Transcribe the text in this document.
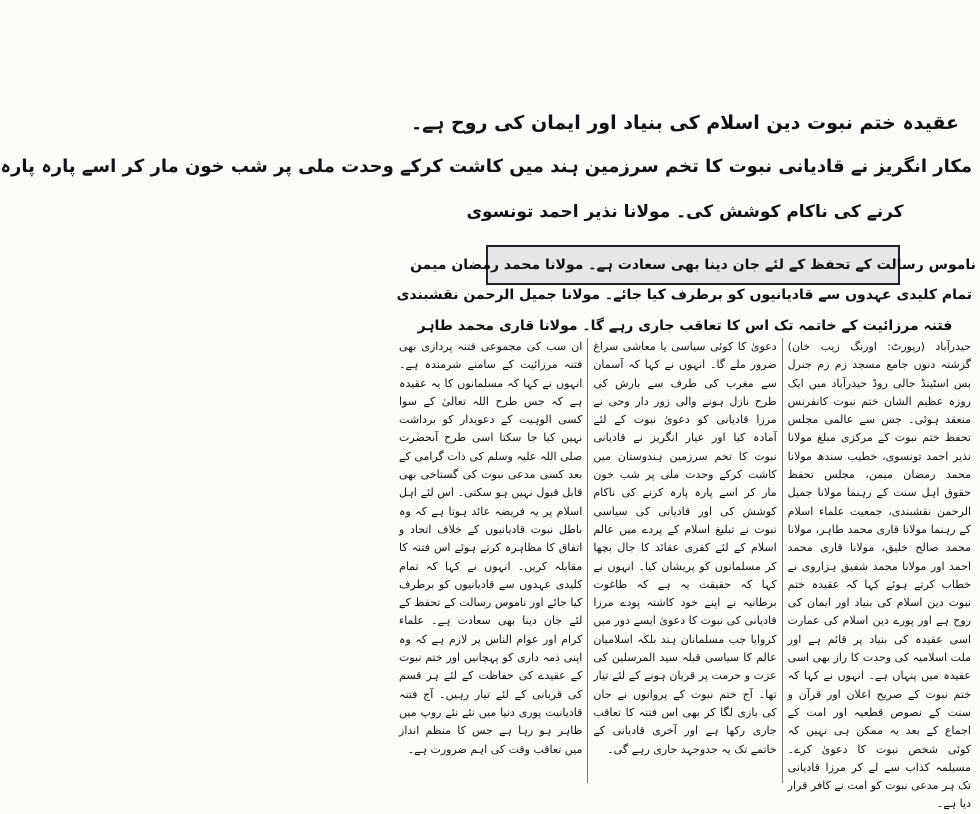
عقیدہ ختم نبوت دین اسلام کی بنیاد اور ایمان کی روح ہے۔
مکار انگریز نے قادیانی نبوت کا تخم سرزمین ہند میں کاشت کرکے وحدت ملی پر شب خون مار کر اسے پارہ پارہ
کرنے کی ناکام کوشش کی۔ مولانا نذیر احمد تونسوی
ناموس رسالت کے تحفظ کے لئے جان دینا بھی سعادت ہے۔ مولانا محمد رمضان میمن
تمام کلیدی عہدوں سے قادیانیوں کو برطرف کیا جائے۔ مولانا جمیل الرحمن نقشبندی
فتنہ مرزائیت کے خاتمہ تک اس کا تعاقب جاری رہے گا۔ مولانا قاری محمد طاہر

حیدرآباد (رپورٹ: اورنگ زیب خان) گزشتہ دنوں جامع مسجد زم زم جنرل بس اسٹینڈ حالی روڈ حیدرآباد میں ایک روزہ عظیم الشان ختم نبوت کانفرنس منعقد ہوئی۔ جس سے عالمی مجلس تحفظ ختم نبوت کے مرکزی مبلغ مولانا نذیر احمد تونسوی، خطیب سندھ مولانا محمد رمضان میمن، مجلس تحفظ حقوق اہل سنت کے رہنما مولانا جمیل الرحمن نقشبندی، جمعیت علماء اسلام کے رہنما مولانا قاری محمد طاہر، مولانا محمد صالح خلیق، مولانا قاری محمد احمد اور مولانا محمد شفیق ہزاروی نے خطاب کرتے ہوئے کہا کہ عقیدہ ختم نبوت دین اسلام کی بنیاد اور ایمان کی روح ہے اور پورے دین اسلام کی عمارت اسی عقیدہ کی بنیاد پر قائم ہے اور ملت اسلامیہ کی وحدت کا راز بھی اسی عقیدہ میں پنہاں ہے۔ انہوں نے کہا کہ ختم نبوت کے صریح اعلان اور قرآن و سنت کے نصوص قطعیہ اور امت کے اجماع کے بعد یہ ممکن ہی نہیں کہ کوئی شخص نبوت کا دعویٰ کرے۔ مسیلمہ کذاب سے لے کر مرزا قادیانی تک ہر مدعی نبوت کو امت نے کافر قرار دیا ہے۔

دعویٰ کا کوئی سیاسی یا معاشی سراغ ضرور ملے گا۔ انہوں نے کہا کہ آسمان سے مغرب کی طرف سے بارش کی طرح نازل ہونے والی زور دار وحی نے مرزا قادیانی کو دعویٰ نبوت کے لئے آمادہ کیا اور عیار انگریز نے قادیانی نبوت کا تخم سرزمین ہندوستان میں کاشت کرکے وحدت ملی پر شب خون مار کر اسے پارہ پارہ کرنے کی ناکام کوشش کی اور قادیانی کی سیاسی نبوت نے تبلیغ اسلام کے پردے میں عالم اسلام کے لئے کفری عقائد کا جال بچھا کر مسلمانوں کو پریشان کیا۔ انہوں نے کہا کہ حقیقت یہ ہے کہ طاغوت برطانیہ نے اپنے خود کاشتہ پودے مرزا قادیانی کی نبوت کا دعویٰ ایسے دور میں کروایا جب مسلمانان ہند بلکہ اسلامیان عالم کا سیاسی قبلہ سید المرسلین کی عزت و حرمت پر قربان ہونے کے لئے تیار تھا۔ آج ختم نبوت کے پروانوں نے جان کی بازی لگا کر بھی اس فتنہ کا تعاقب جاری رکھا ہے اور آخری قادیانی کے خاتمے تک یہ جدوجہد جاری رہے گی۔

ان سب کی مجموعی فتنہ پردازی بھی فتنہ مرزائیت کے سامنے شرمندہ ہے۔ انہوں نے کہا کہ مسلمانوں کا یہ عقیدہ ہے کہ جس طرح اللہ تعالیٰ کے سوا کسی الوہیت کے دعویدار کو برداشت نہیں کیا جا سکتا اسی طرح آنحضرت صلی اللہ علیہ وسلم کی ذات گرامی کے بعد کسی مدعی نبوت کی گستاخی بھی قابل قبول نہیں ہو سکتی۔ اس لئے اہل اسلام پر یہ فریضہ عائد ہوتا ہے کہ وہ باطل نبوت قادیانیوں کے خلاف اتحاد و اتفاق کا مظاہرہ کرتے ہوئے اس فتنہ کا مقابلہ کریں۔ انہوں نے کہا کہ تمام کلیدی عہدوں سے قادیانیوں کو برطرف کیا جائے اور ناموس رسالت کے تحفظ کے لئے جان دینا بھی سعادت ہے۔ علماء کرام اور عوام الناس پر لازم ہے کہ وہ اپنی ذمہ داری کو پہچانیں اور ختم نبوت کے عقیدے کی حفاظت کے لئے ہر قسم کی قربانی کے لئے تیار رہیں۔ آج فتنہ قادیانیت پوری دنیا میں نئے نئے روپ میں ظاہر ہو رہا ہے جس کا منظم انداز میں تعاقب وقت کی اہم ضرورت ہے۔
